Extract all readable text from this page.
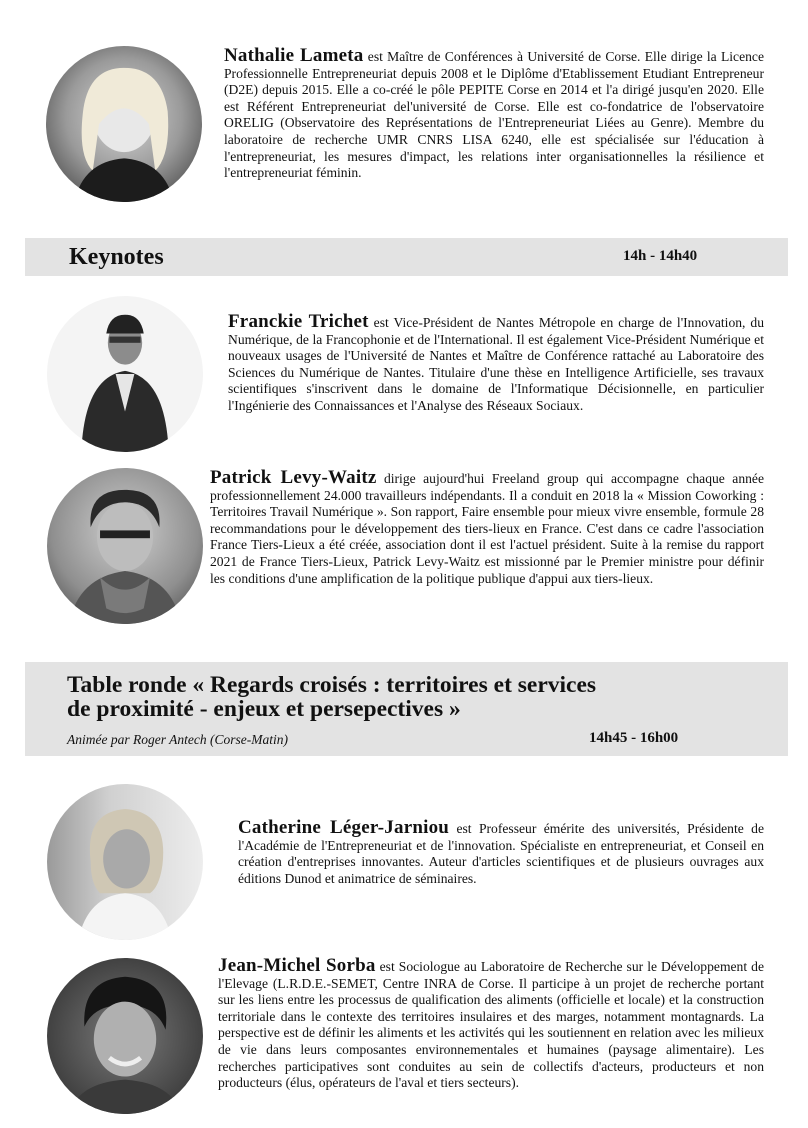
Nathalie Lameta est Maître de Conférences à Université de Corse. Elle dirige la Licence Professionnelle Entrepreneuriat depuis 2008 et le Diplôme d'Etablissement Etudiant Entrepreneur (D2E) depuis 2015. Elle a co-créé le pôle PEPITE Corse en 2014 et l'a dirigé jusqu'en 2020. Elle est Référent Entrepreneuriat del'université de Corse. Elle est co-fondatrice de l'observatoire ORELIG (Observatoire des Représentations de l'Entrepreneuriat Liées au Genre). Membre du laboratoire de recherche UMR CNRS LISA 6240, elle est spécialisée sur l'éducation à l'entrepreneuriat, les mesures d'impact, les relations inter organisationnelles la résilience et l'entrepreneuriat féminin.
Keynotes	14h - 14h40
Franckie Trichet est Vice-Président de Nantes Métropole en charge de l'Innovation, du Numérique, de la Francophonie et de l'International. Il est également Vice-Président Numérique et nouveaux usages de l'Université de Nantes et Maître de Conférence rattaché au Laboratoire des Sciences du Numérique de Nantes. Titulaire d'une thèse en Intelligence Artificielle, ses travaux scientifiques s'inscrivent dans le domaine de l'Informatique Décisionnelle, en particulier l'Ingénierie des Connaissances et l'Analyse des Réseaux Sociaux.
Patrick Levy-Waitz dirige aujourd'hui Freeland group qui accompagne chaque année professionnellement 24.000 travailleurs indépendants. Il a conduit en 2018 la « Mission Coworking : Territoires Travail Numérique ». Son rapport, Faire ensemble pour mieux vivre ensemble, formule 28 recommandations pour le développement des tiers-lieux en France. C'est dans ce cadre l'association France Tiers-Lieux a été créée, association dont il est l'actuel président. Suite à la remise du rapport 2021 de France Tiers-Lieux, Patrick Levy-Waitz est missionné par le Premier ministre pour définir les conditions d'une amplification de la politique publique d'appui aux tiers-lieux.
Table ronde « Regards croisés : territoires et services
de proximité - enjeux et persepectives »
Animée par Roger Antech (Corse-Matin)	14h45 - 16h00
Catherine Léger-Jarniou est Professeur émérite des universités, Présidente de l'Académie de l'Entrepreneuriat et de l'innovation. Spécialiste en entrepreneuriat, et Conseil en création d'entreprises innovantes. Auteur d'articles scientifiques et de plusieurs ouvrages aux éditions Dunod et animatrice de séminaires.
Jean-Michel Sorba est Sociologue au Laboratoire de Recherche sur le Développement de l'Elevage (L.R.D.E.-SEMET, Centre INRA de Corse. Il participe à un projet de recherche portant sur les liens entre les processus de qualification des aliments (officielle et locale) et la construction territoriale dans le contexte des territoires insulaires et des marges, notamment montagnards. La perspective est de définir les aliments et les activités qui les soutiennent en relation avec les milieux de vie dans leurs composantes environnementales et humaines (paysage alimentaire). Les recherches participatives sont conduites au sein de collectifs d'acteurs, producteurs et non producteurs (élus, opérateurs de l'aval et tiers secteurs).
